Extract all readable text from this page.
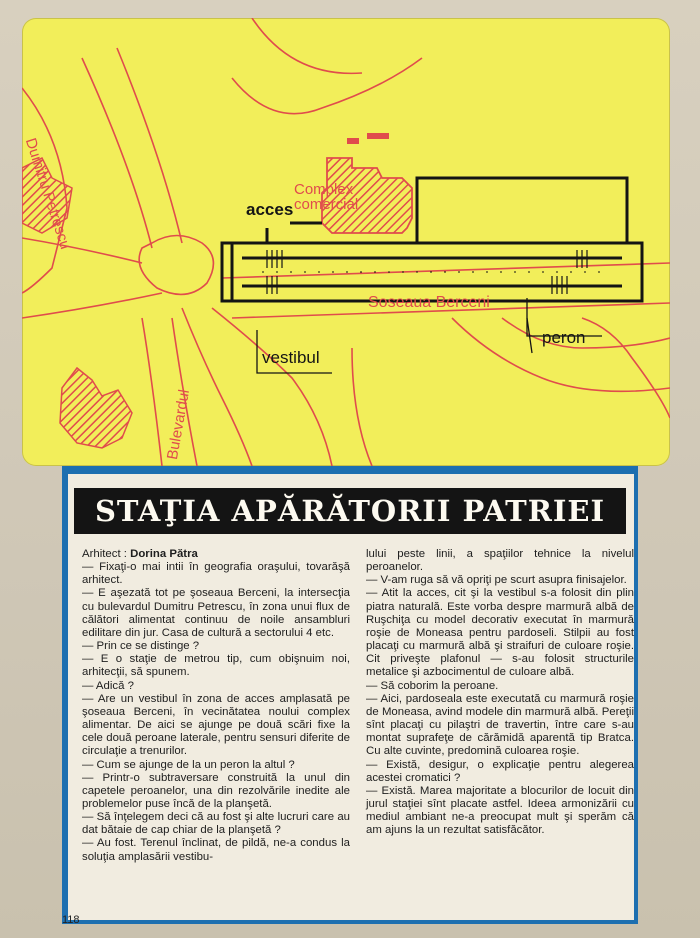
Dumitru Petrescu	Complex
comercial
acces
Soseaua Berceni
peron
vestibul
Bulevardul
STAŢIA APĂRĂTORII PATRIEI

Arhitect : Dorina Pătra

— Fixaţi-o mai intii în geografia oraşului, tovarăşă arhitect.

— E aşezată tot pe şoseaua Berceni, la intersecţia cu bulevardul Dumitru Petrescu, în zona unui flux de călători alimentat continuu de noile ansambluri edilitare din jur. Casa de cultură a sectorului 4 etc.

— Prin ce se distinge ?

— E o staţie de metrou tip, cum obişnuim noi, arhitecţii, să spunem.

— Adică ?

— Are un vestibul în zona de acces amplasată pe şoseaua Berceni, în vecinătatea noului complex alimentar. De aici se ajunge pe două scări fixe la cele două peroane laterale, pentru sensuri diferite de circulaţie a trenurilor.

— Cum se ajunge de la un peron la altul ?

— Printr-o subtraversare construită la unul din capetele peroanelor, una din rezolvările inedite ale problemelor puse încă de la planşetă.

— Să înţelegem deci că au fost şi alte lucruri care au dat bătaie de cap chiar de la planşetă ?

— Au fost. Terenul înclinat, de pildă, ne-a condus la soluţia amplasării vestibu-

lului peste linii, a spaţiilor tehnice la nivelul peroanelor.

— V-am ruga să vă opriţi pe scurt asupra finisajelor.

— Atit la acces, cit şi la vestibul s-a folosit din plin piatra naturală. Este vorba despre marmură albă de Ruşchiţa cu model decorativ executat în marmură roşie de Moneasa pentru pardoseli. Stilpii au fost placaţi cu marmură albă şi straifuri de culoare roşie. Cit priveşte plafonul — s-au folosit structurile metalice şi azbocimentul de culoare albă.

— Să coborim la peroane.

— Aici, pardoseala este executată cu marmură roşie de Moneasa, avind modele din marmură albă. Pereţii sînt placaţi cu pilaştri de travertin, între care s-au montat suprafeţe de cărămidă aparentă tip Bratca. Cu alte cuvinte, predomină culoarea roşie.

— Există, desigur, o explicaţie pentru alegerea acestei cromatici ?

— Există. Marea majoritate a blocurilor de locuit din jurul staţiei sînt placate astfel. Ideea armonizării cu mediul ambiant ne-a preocupat mult şi sperăm că am ajuns la un rezultat satisfăcător.

118
